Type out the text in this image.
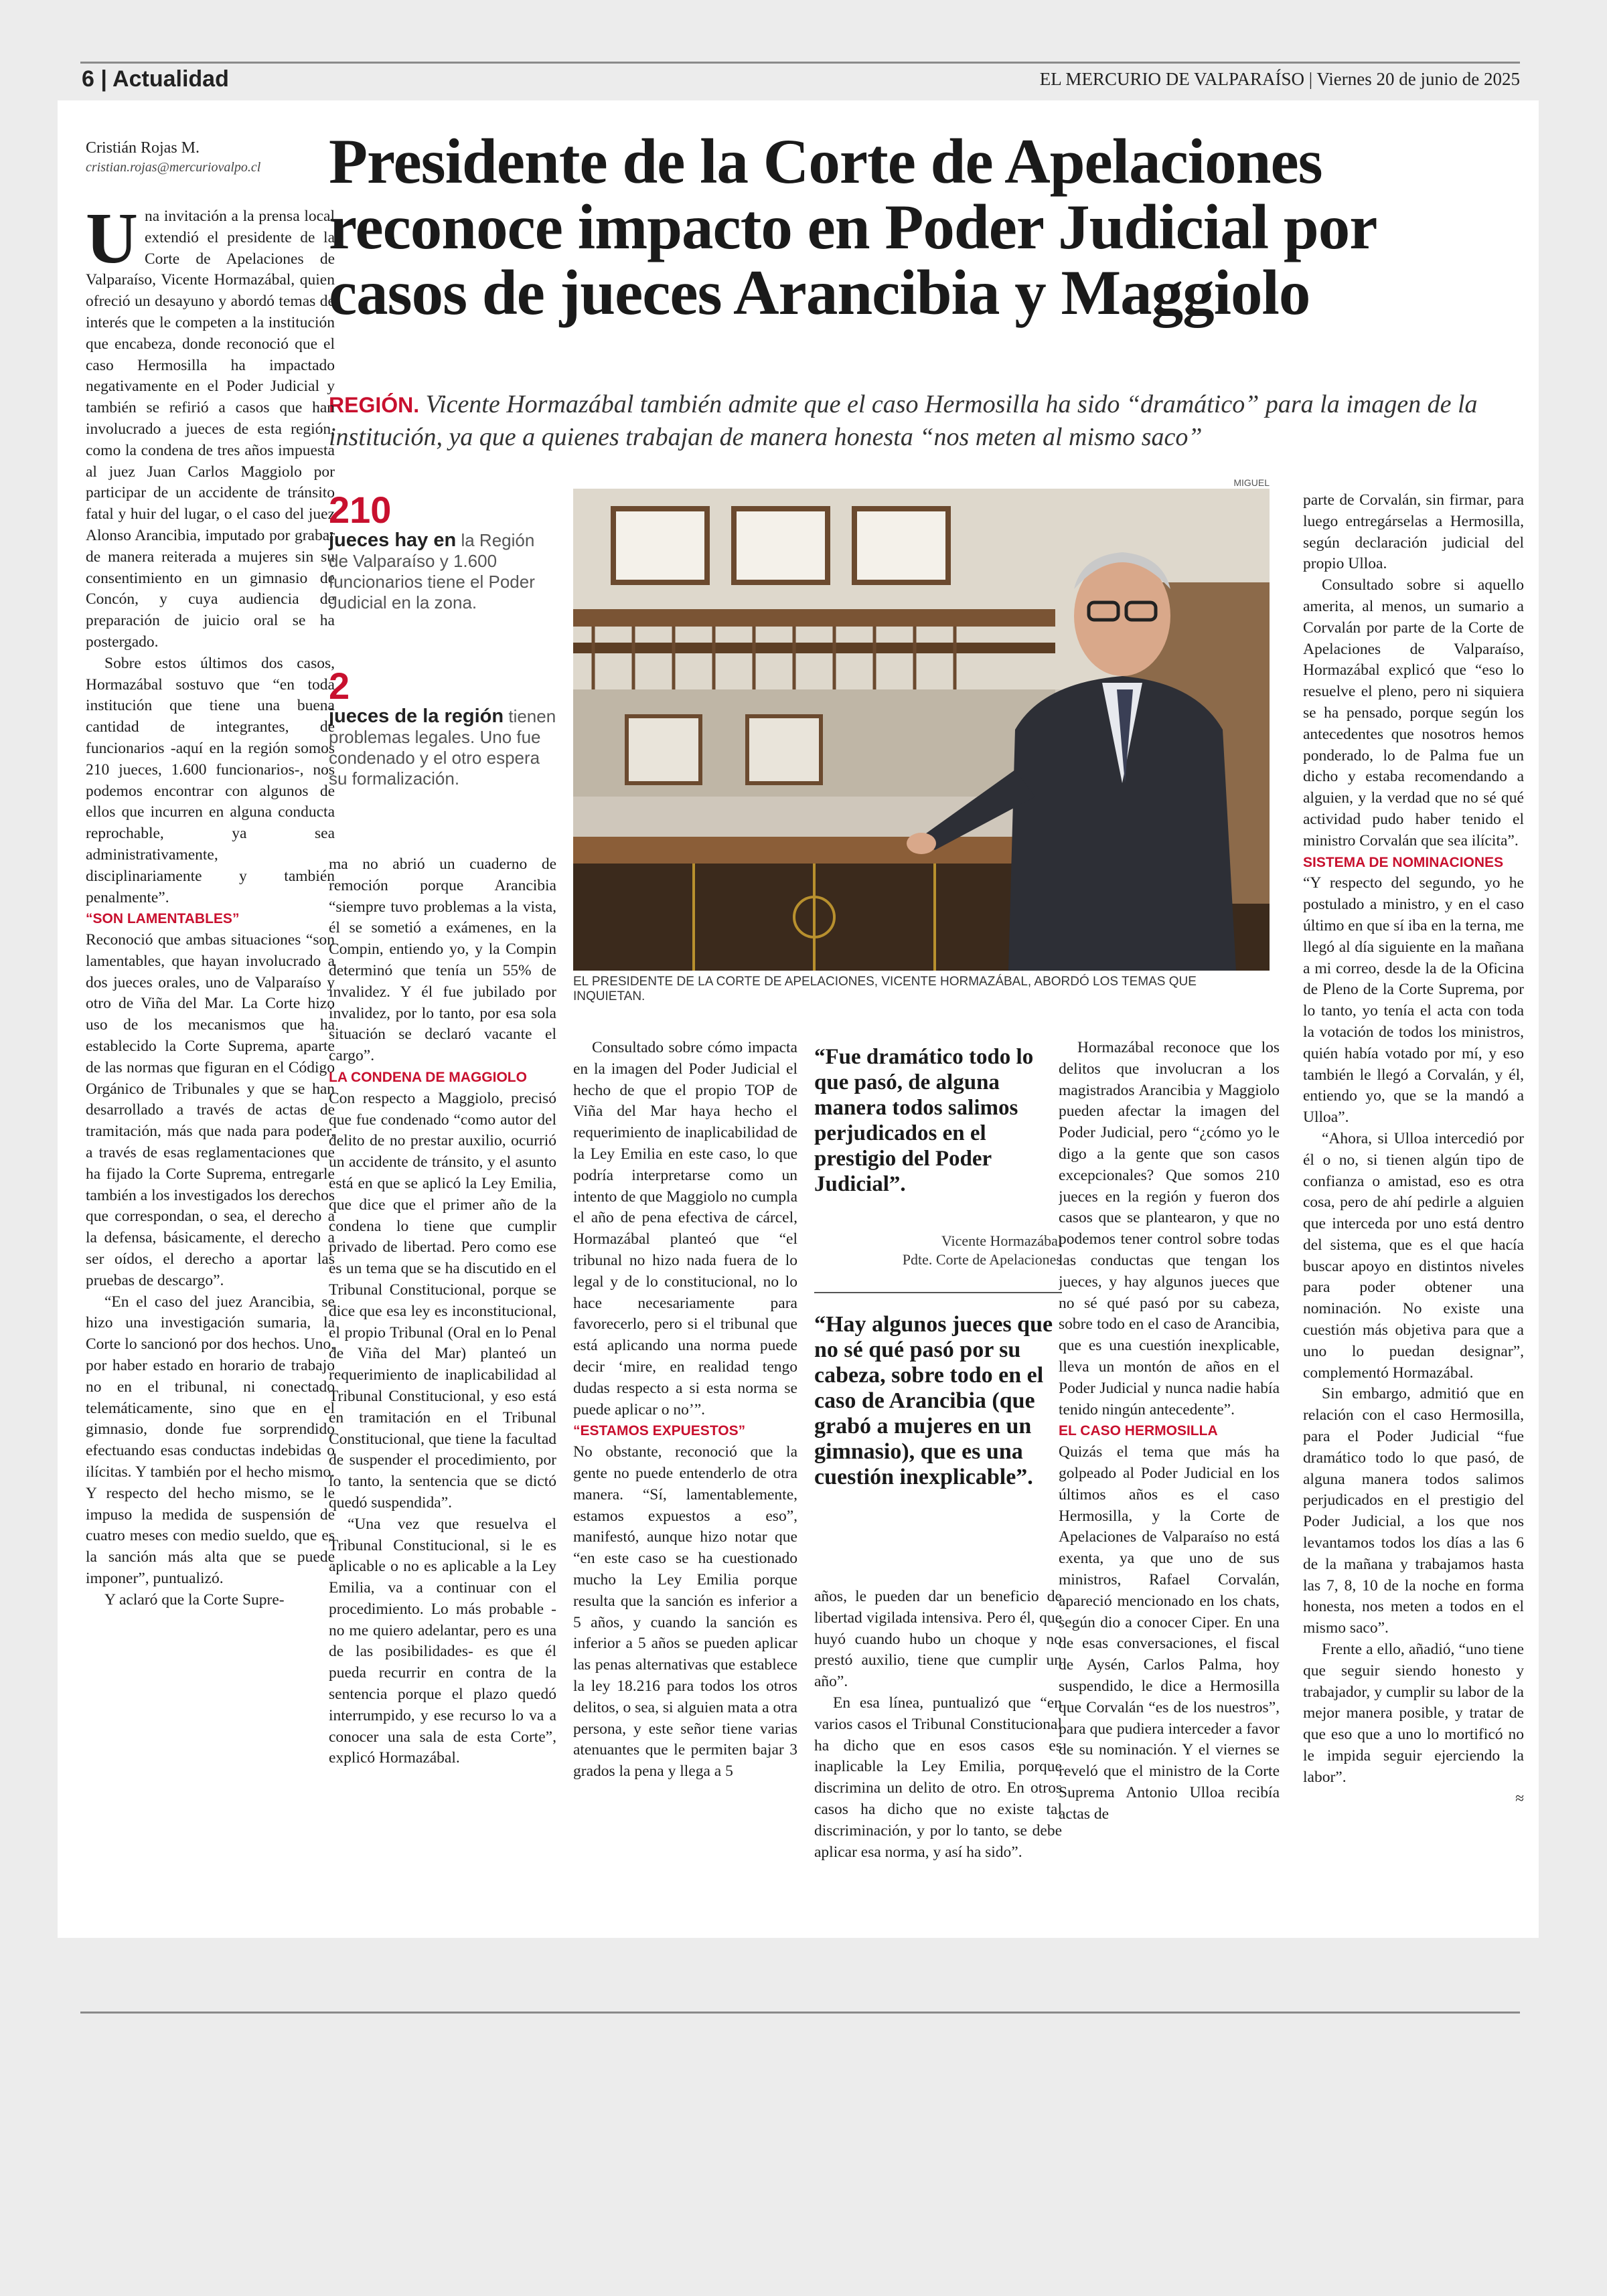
6 | Actualidad	EL MERCURIO DE VALPARAÍSO | Viernes 20 de junio de 2025
Cristián Rojas M.
cristian.rojas@mercuriovalpo.cl	Presidente de la Corte de Apelaciones reconoce impacto en Poder Judicial por casos de jueces Arancibia y Maggiolo
REGIÓN. Vicente Hormazábal también admite que el caso Hermosilla ha sido “dramático” para la imagen de la institución, ya que a quienes trabajan de manera honesta “nos meten al mismo saco”

Una invitación a la prensa local extendió el presidente de la Corte de Apelaciones de Valparaíso, Vicente Hormazábal, quien ofreció un desayuno y abordó temas de interés que le competen a la institución que encabeza, donde reconoció que el caso Hermosilla ha impactado negativamente en el Poder Judicial y también se refirió a casos que han involucrado a jueces de esta región, como la condena de tres años impuesta al juez Juan Carlos Maggiolo por participar de un accidente de tránsito fatal y huir del lugar, o el caso del juez Alonso Arancibia, imputado por grabar de manera reiterada a mujeres sin su consentimiento en un gimnasio de Concón, y cuya audiencia de preparación de juicio oral se ha postergado.

Sobre estos últimos dos casos, Hormazábal sostuvo que “en toda institución que tiene una buena cantidad de integrantes, de funcionarios -aquí en la región somos 210 jueces, 1.600 funcionarios-, nos podemos encontrar con algunos de ellos que incurren en alguna conducta reprochable, ya sea administrativamente, disciplinariamente y también penalmente”.

“SON LAMENTABLES”

Reconoció que ambas situaciones “son lamentables, que hayan involucrado a dos jueces orales, uno de Valparaíso y otro de Viña del Mar. La Corte hizo uso de los mecanismos que ha establecido la Corte Suprema, aparte de las normas que figuran en el Código Orgánico de Tribunales y que se han desarrollado a través de actas de tramitación, más que nada para poder, a través de esas reglamentaciones que ha fijado la Corte Suprema, entregarle también a los investigados los derechos que correspondan, o sea, el derecho a la defensa, básicamente, el derecho a ser oídos, el derecho a aportar las pruebas de descargo”.

“En el caso del juez Arancibia, se hizo una investigación sumaria, la Corte lo sancionó por dos hechos. Uno, por haber estado en horario de trabajo no en el tribunal, ni conectado telemáticamente, sino que en el gimnasio, donde fue sorprendido efectuando esas conductas indebidas o ilícitas. Y también por el hecho mismo. Y respecto del hecho mismo, se le impuso la medida de suspensión de cuatro meses con medio sueldo, que es la sanción más alta que se puede imponer”, puntualizó.

Y aclaró que la Corte Supre-

210
jueces hay en la Región de Valparaíso y 1.600 funcionarios tiene el Poder Judicial en la zona.
2
jueces de la región tienen problemas legales. Uno fue condenado y el otro espera su formalización.

ma no abrió un cuaderno de remoción porque Arancibia “siempre tuvo problemas a la vista, él se sometió a exámenes, en la Compin, entiendo yo, y la Compin determinó que tenía un 55% de invalidez. Y él fue jubilado por invalidez, por lo tanto, por esa sola situación se declaró vacante el cargo”.

LA CONDENA DE MAGGIOLO

Con respecto a Maggiolo, precisó que fue condenado “como autor del delito de no prestar auxilio, ocurrió un accidente de tránsito, y el asunto está en que se aplicó la Ley Emilia, que dice que el primer año de la condena lo tiene que cumplir privado de libertad. Pero como ese es un tema que se ha discutido en el Tribunal Constitucional, porque se dice que esa ley es inconstitucional, el propio Tribunal (Oral en lo Penal de Viña del Mar) planteó un requerimiento de inaplicabilidad al Tribunal Constitucional, y eso está en tramitación en el Tribunal Constitucional, que tiene la facultad de suspender el procedimiento, por lo tanto, la sentencia que se dictó quedó suspendida”.

“Una vez que resuelva el Tribunal Constitucional, si le es aplicable o no es aplicable a la Ley Emilia, va a continuar con el procedimiento. Lo más probable -no me quiero adelantar, pero es una de las posibilidades- es que él pueda recurrir en contra de la sentencia porque el plazo quedó interrumpido, y ese recurso lo va a conocer una sala de esta Corte”, explicó Hormazábal.

MIGUEL
EL PRESIDENTE DE LA CORTE DE APELACIONES, VICENTE HORMAZÁBAL, ABORDÓ LOS TEMAS QUE INQUIETAN.

Consultado sobre cómo impacta en la imagen del Poder Judicial el hecho de que el propio TOP de Viña del Mar haya hecho el requerimiento de inaplicabilidad de la Ley Emilia en este caso, lo que podría interpretarse como un intento de que Maggiolo no cumpla el año de pena efectiva de cárcel, Hormazábal planteó que “el tribunal no hizo nada fuera de lo legal y de lo constitucional, no lo hace necesariamente para favorecerlo, pero si el tribunal que está aplicando una norma puede decir ‘mire, en realidad tengo dudas respecto a si esta norma se puede aplicar o no’”.

“ESTAMOS EXPUESTOS”

No obstante, reconoció que la gente no puede entenderlo de otra manera. “Sí, lamentablemente, estamos expuestos a eso”, manifestó, aunque hizo notar que “en este caso se ha cuestionado mucho la Ley Emilia porque resulta que la sanción es inferior a 5 años, y cuando la sanción es inferior a 5 años se pueden aplicar las penas alternativas que establece la ley 18.216 para todos los otros delitos, o sea, si alguien mata a otra persona, y este señor tiene varias atenuantes que le permiten bajar 3 grados la pena y llega a 5

“Fue dramático todo lo que pasó, de alguna manera todos salimos perjudicados en el prestigio del Poder Judicial”.
Vicente Hormazábal
Pdte. Corte de Apelaciones
“Hay algunos jueces que no sé qué pasó por su cabeza, sobre todo en el caso de Arancibia (que grabó a mujeres en un gimnasio), que es una cuestión inexplicable”.

años, le pueden dar un beneficio de libertad vigilada intensiva. Pero él, que huyó cuando hubo un choque y no prestó auxilio, tiene que cumplir un año”.

En esa línea, puntualizó que “en varios casos el Tribunal Constitucional ha dicho que en esos casos es inaplicable la Ley Emilia, porque discrimina un delito de otro. En otros casos ha dicho que no existe tal discriminación, y por lo tanto, se debe aplicar esa norma, y así ha sido”.

Hormazábal reconoce que los delitos que involucran a los magistrados Arancibia y Maggiolo pueden afectar la imagen del Poder Judicial, pero “¿cómo yo le digo a la gente que son casos excepcionales? Que somos 210 jueces en la región y fueron dos casos que se plantearon, y que no podemos tener control sobre todas las conductas que tengan los jueces, y hay algunos jueces que no sé qué pasó por su cabeza, sobre todo en el caso de Arancibia, que es una cuestión inexplicable, lleva un montón de años en el Poder Judicial y nunca nadie había tenido ningún antecedente”.

EL CASO HERMOSILLA

Quizás el tema que más ha golpeado al Poder Judicial en los últimos años es el caso Hermosilla, y la Corte de Apelaciones de Valparaíso no está exenta, ya que uno de sus ministros, Rafael Corvalán, apareció mencionado en los chats, según dio a conocer Ciper. En una de esas conversaciones, el fiscal de Aysén, Carlos Palma, hoy suspendido, le dice a Hermosilla que Corvalán “es de los nuestros”, para que pudiera interceder a favor de su nominación. Y el viernes se reveló que el ministro de la Corte Suprema Antonio Ulloa recibía actas de

parte de Corvalán, sin firmar, para luego entregárselas a Hermosilla, según declaración judicial del propio Ulloa.

Consultado sobre si aquello amerita, al menos, un sumario a Corvalán por parte de la Corte de Apelaciones de Valparaíso, Hormazábal explicó que “eso lo resuelve el pleno, pero ni siquiera se ha pensado, porque según los antecedentes que nosotros hemos ponderado, lo de Palma fue un dicho y estaba recomendando a alguien, y la verdad que no sé qué actividad pudo haber tenido el ministro Corvalán que sea ilícita”.

SISTEMA DE NOMINACIONES

“Y respecto del segundo, yo he postulado a ministro, y en el caso último en que sí iba en la terna, me llegó al día siguiente en la mañana a mi correo, desde la de la Oficina de Pleno de la Corte Suprema, por lo tanto, yo tenía el acta con toda la votación de todos los ministros, quién había votado por mí, y eso también le llegó a Corvalán, y él, entiendo yo, que se la mandó a Ulloa”.

“Ahora, si Ulloa intercedió por él o no, si tienen algún tipo de confianza o amistad, eso es otra cosa, pero de ahí pedirle a alguien que interceda por uno está dentro del sistema, que es el que hacía buscar apoyo en distintos niveles para poder obtener una nominación. No existe una cuestión más objetiva para que a uno lo puedan designar”, complementó Hormazábal.

Sin embargo, admitió que en relación con el caso Hermosilla, para el Poder Judicial “fue dramático todo lo que pasó, de alguna manera todos salimos perjudicados en el prestigio del Poder Judicial, a los que nos levantamos todos los días a las 6 de la mañana y trabajamos hasta las 7, 8, 10 de la noche en forma honesta, nos meten a todos en el mismo saco”.

Frente a ello, añadió, “uno tiene que seguir siendo honesto y trabajador, y cumplir su labor de la mejor manera posible, y tratar de que eso que a uno lo mortificó no le impida seguir ejerciendo la labor”.

≈
